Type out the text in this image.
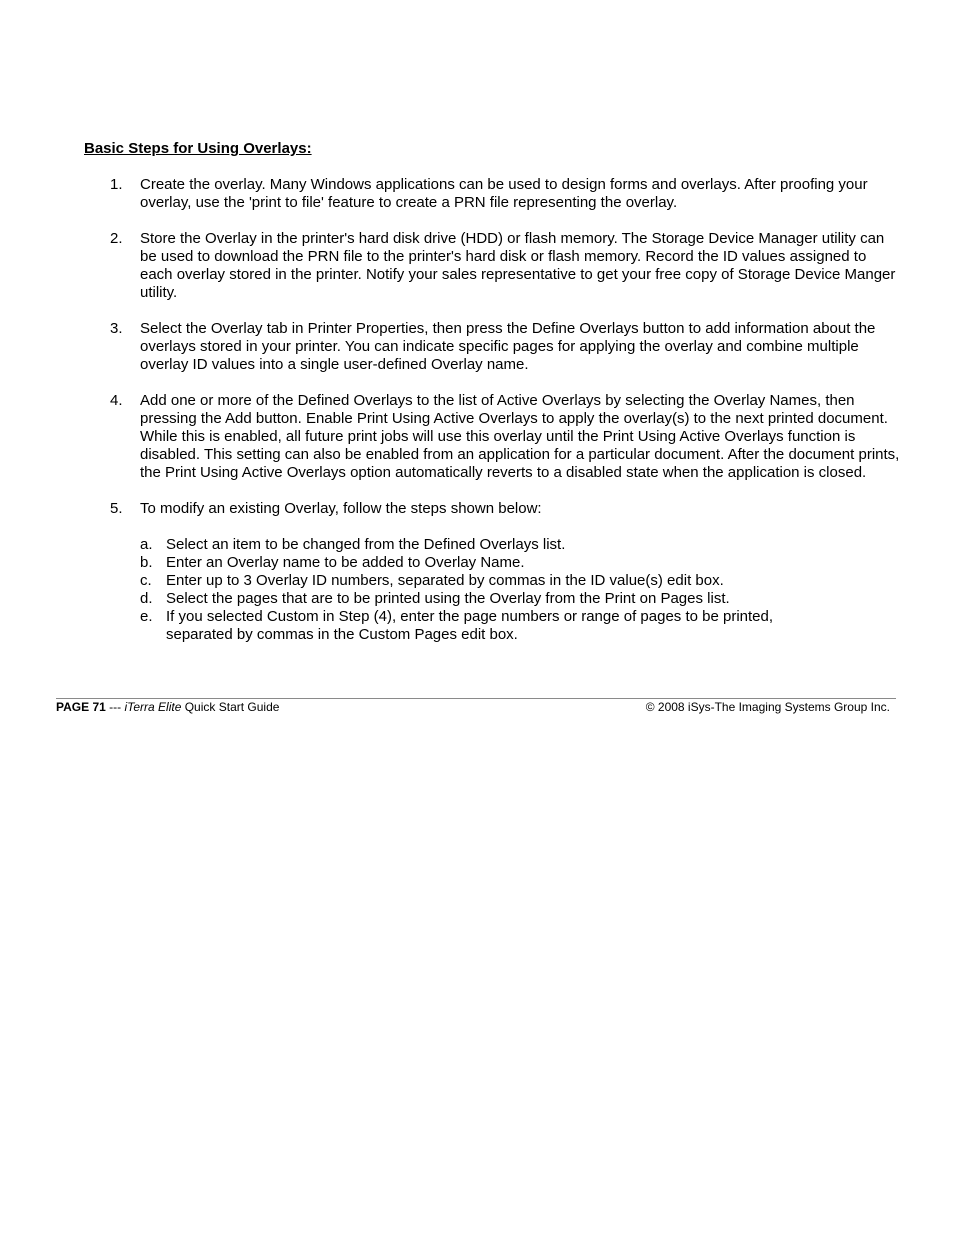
Basic Steps for Using Overlays:
1. Create the overlay. Many Windows applications can be used to design forms and overlays. After proofing your overlay, use the 'print to file' feature to create a PRN file representing the overlay.
2. Store the Overlay in the printer's hard disk drive (HDD) or flash memory. The Storage Device Manager utility can be used to download the PRN file to the printer's hard disk or flash memory. Record the ID values assigned to each overlay stored in the printer. Notify your sales representative to get your free copy of Storage Device Manger utility.
3. Select the Overlay tab in Printer Properties, then press the Define Overlays button to add information about the overlays stored in your printer. You can indicate specific pages for applying the overlay and combine multiple overlay ID values into a single user-defined Overlay name.
4. Add one or more of the Defined Overlays to the list of Active Overlays by selecting the Overlay Names, then pressing the Add button. Enable Print Using Active Overlays to apply the overlay(s) to the next printed document. While this is enabled, all future print jobs will use this overlay until the Print Using Active Overlays function is disabled. This setting can also be enabled from an application for a particular document. After the document prints, the Print Using Active Overlays option automatically reverts to a disabled state when the application is closed.
5. To modify an existing Overlay, follow the steps shown below:
a. Select an item to be changed from the Defined Overlays list.
b. Enter an Overlay name to be added to Overlay Name.
c. Enter up to 3 Overlay ID numbers, separated by commas in the ID value(s) edit box.
d. Select the pages that are to be printed using the Overlay from the Print on Pages list.
e. If you selected Custom in Step (4), enter the page numbers or range of pages to be printed, separated by commas in the Custom Pages edit box.
PAGE 71 --- iTerra Elite Quick Start Guide	© 2008 iSys-The Imaging Systems Group Inc.
